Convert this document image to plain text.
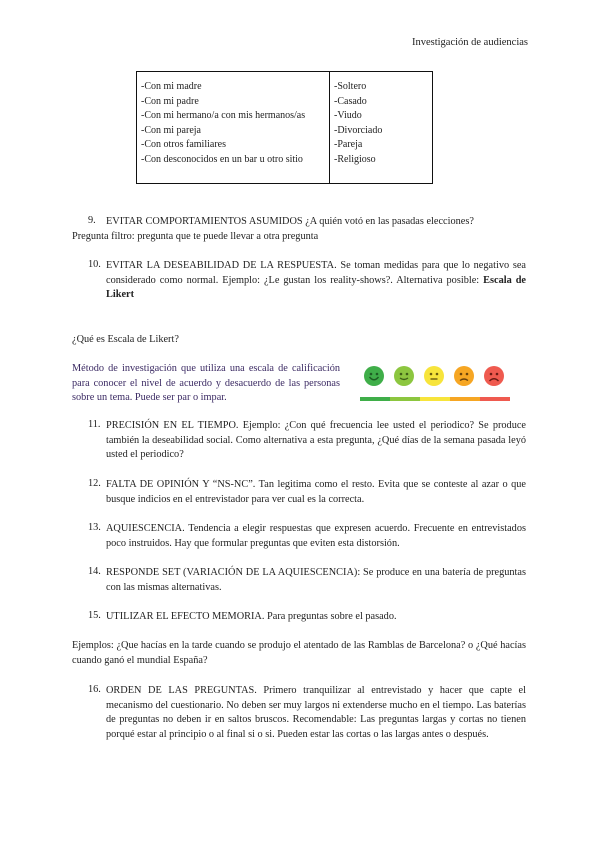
Investigación de audiencias
-Con mi madre
-Con mi padre
-Con mi hermano/a con mis hermanos/as
-Con mi pareja
-Con otros familiares
-Con desconocidos en un bar u otro sitio
-Soltero
-Casado
-Viudo
-Divorciado
-Pareja
-Religioso
9. EVITAR COMPORTAMIENTOS ASUMIDOS ¿A quién votó en las pasadas elecciones?
Pregunta filtro: pregunta que te puede llevar a otra pregunta
10. EVITAR LA DESEABILIDAD DE LA RESPUESTA. Se toman medidas para que lo negativo sea considerado como normal. Ejemplo: ¿Le gustan los reality-shows?. Alternativa posible: Escala de Likert
¿Qué es Escala de Likert?
Método de investigación que utiliza una escala de calificación para conocer el nivel de acuerdo y desacuerdo de las personas sobre un tema. Puede ser par o impar.
11. PRECISIÓN EN EL TIEMPO. Ejemplo: ¿Con qué frecuencia lee usted el periodico? Se produce también la deseabilidad social. Como alternativa a esta pregunta, ¿Qué días de la semana pasada leyó usted el periodico?
12. FALTA DE OPINIÓN Y “NS-NC”. Tan legitima como el resto. Evita que se conteste al azar o que busque indicios en el entrevistador para ver cual es la correcta.
13. AQUIESCENCIA. Tendencia a elegir respuestas que expresen acuerdo. Frecuente en entrevistados poco instruidos. Hay que formular preguntas que eviten esta distorsión.
14. RESPONDE SET (VARIACIÓN DE LA AQUIESCENCIA): Se produce en una batería de preguntas con las mismas alternativas.
15. UTILIZAR EL EFECTO MEMORIA. Para preguntas sobre el pasado.
Ejemplos: ¿Que hacías en la tarde cuando se produjo el atentado de las Ramblas de Barcelona? o ¿Qué hacías cuando ganó el mundial España?
16. ORDEN DE LAS PREGUNTAS. Primero tranquilizar al entrevistado y hacer que capte el mecanismo del cuestionario. No deben ser muy largos ni extenderse mucho en el tiempo. Las baterías de preguntas no deben ir en saltos bruscos. Recomendable: Las preguntas largas y cortas no tienen porqué estar al principio o al final si o si. Pueden estar las cortas o las largas antes o después.
